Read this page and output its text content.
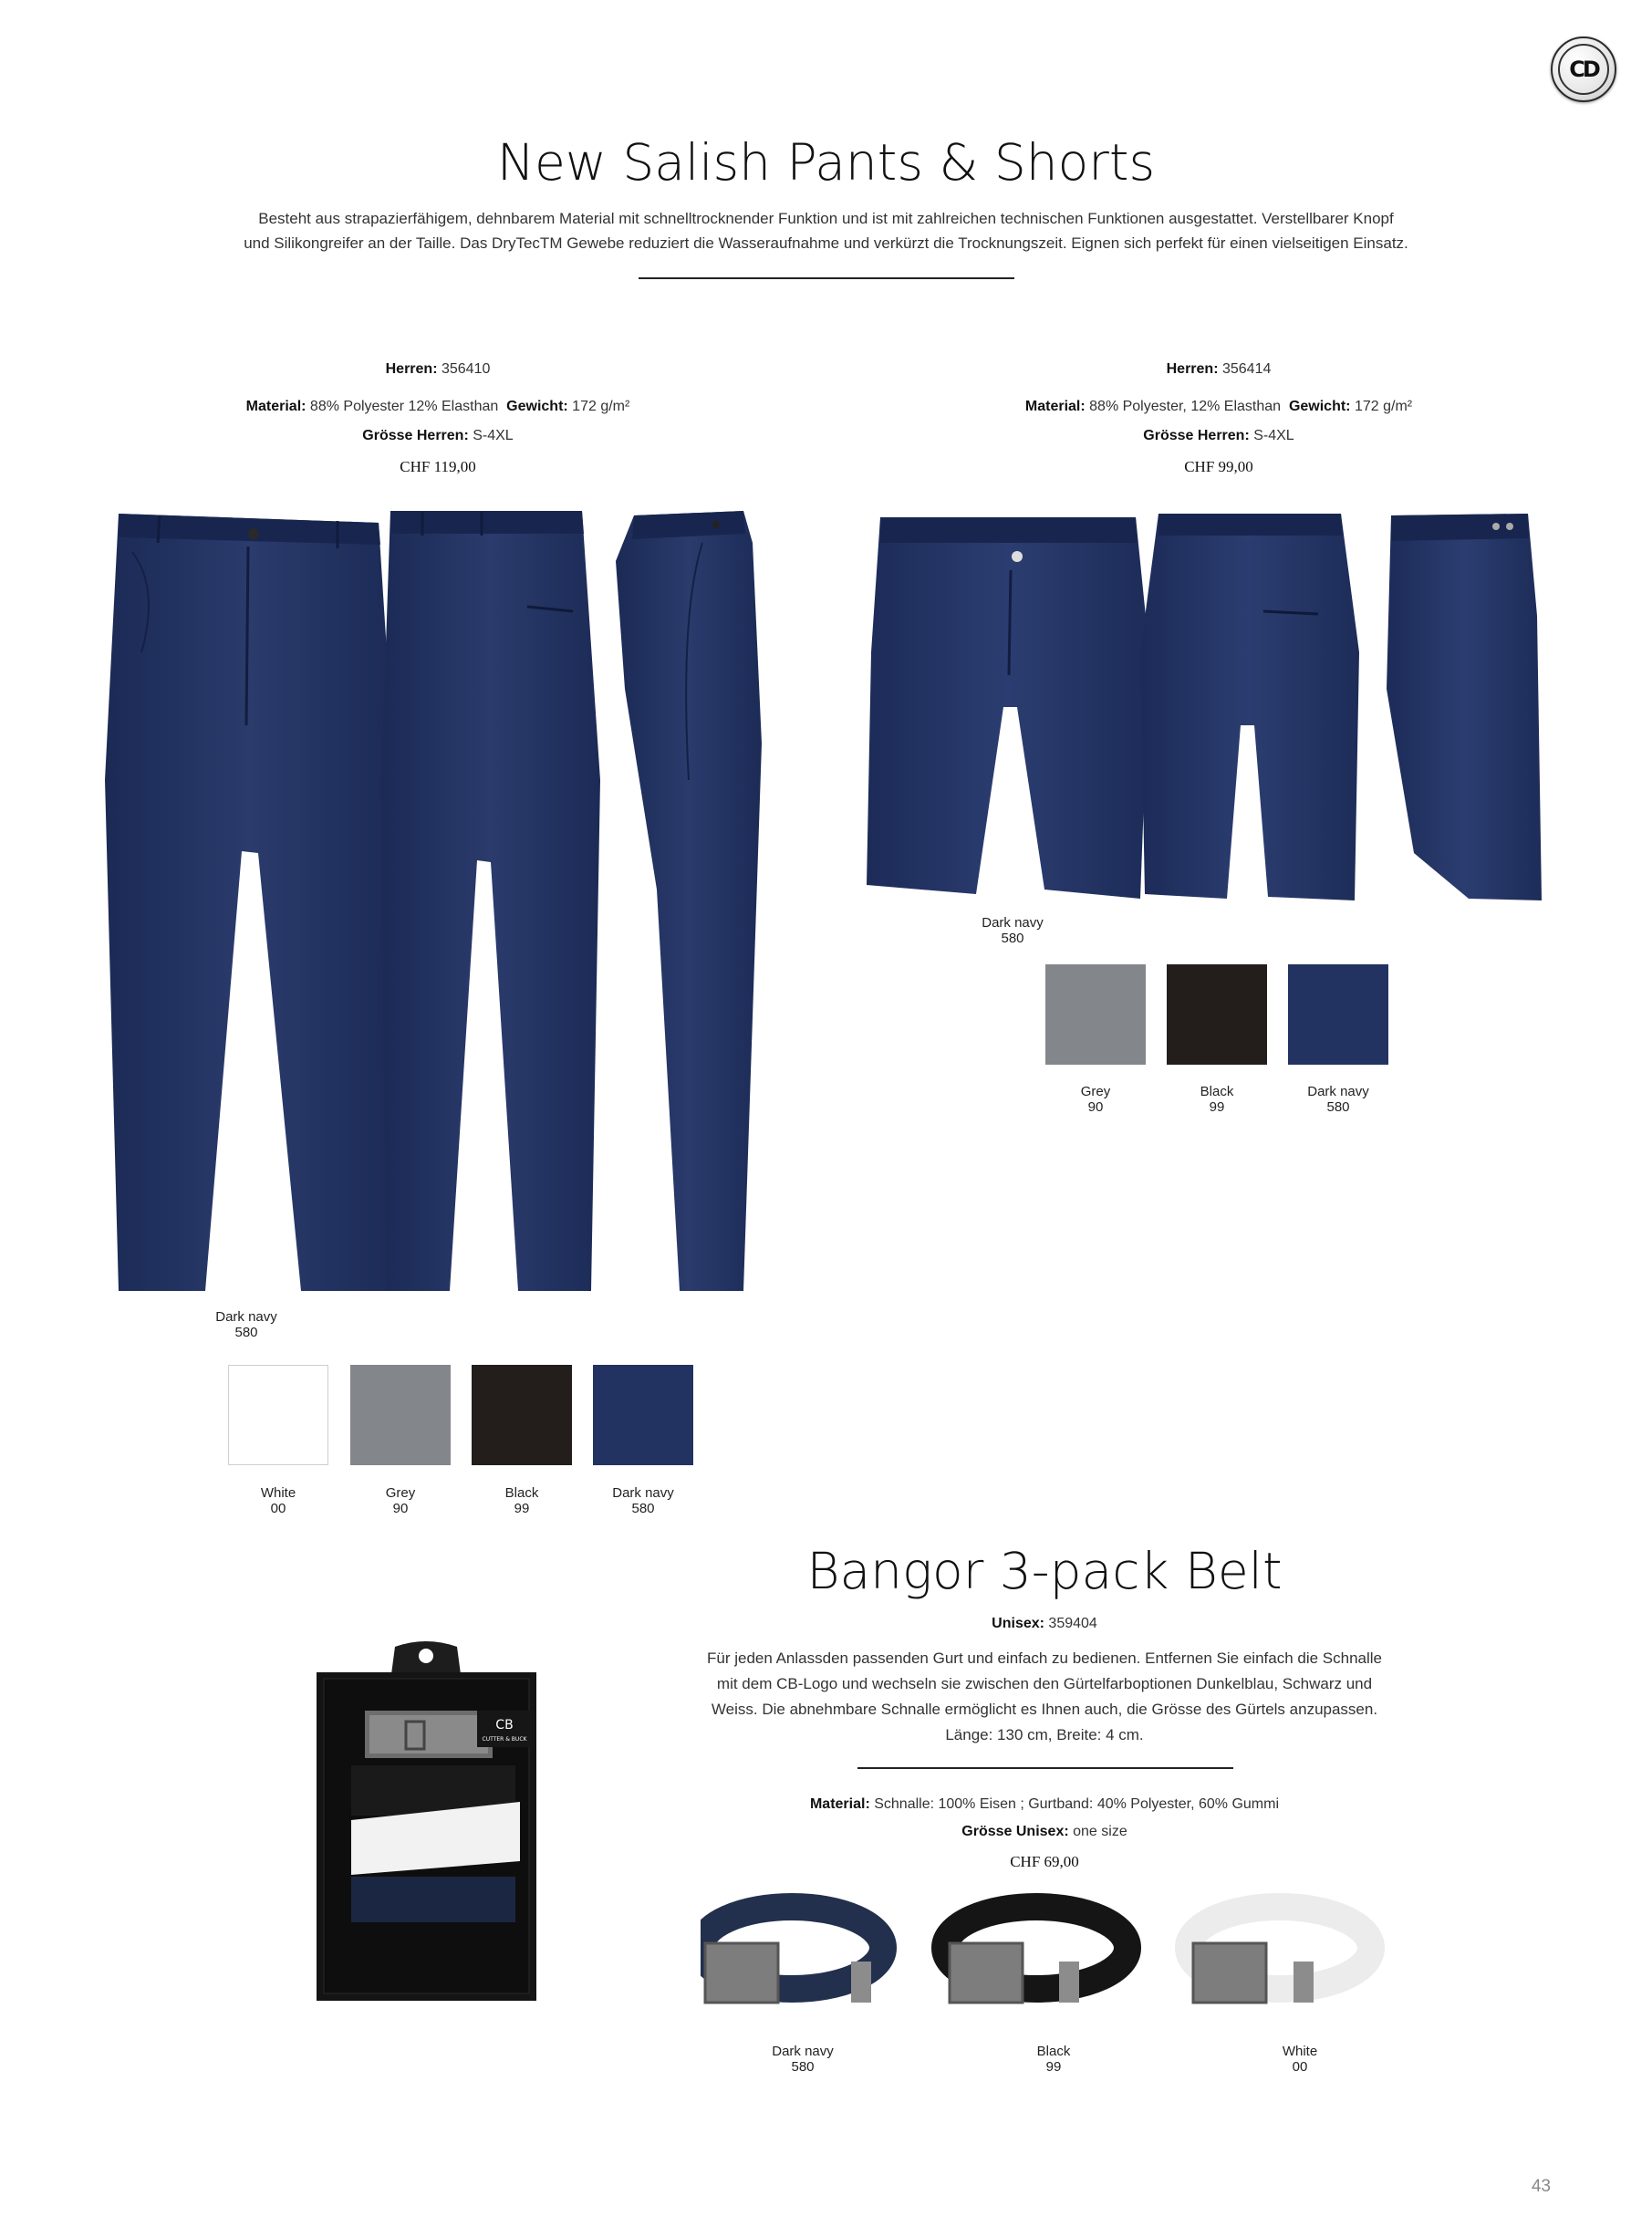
CD
New Salish Pants & Shorts
Besteht aus strapazierfähigem, dehnbarem Material mit schnelltrocknender Funktion und ist mit zahlreichen technischen Funktionen ausgestattet. Verstellbarer Knopf
und Silikongreifer an der Taille. Das DryTecTM Gewebe reduziert die Wasseraufnahme und verkürzt die Trocknungszeit. Eignen sich perfekt für einen vielseitigen Einsatz.
Herren: 356410
Material: 88% Polyester 12% Elasthan Gewicht: 172 g/m²
Grösse Herren: S-4XL
CHF 119,00
Herren: 356414
Material: 88% Polyester, 12% Elasthan Gewicht: 172 g/m²
Grösse Herren: S-4XL
CHF 99,00
Dark navy
580
White
00
Grey
90
Black
99
Dark navy
580
Dark navy
580
Grey
90
Black
99
Dark navy
580
Bangor 3-pack Belt
Unisex: 359404
Für jeden Anlassden passenden Gurt und einfach zu bedienen. Entfernen Sie einfach die Schnalle
mit dem CB-Logo und wechseln sie zwischen den Gürtelfarboptionen Dunkelblau, Schwarz und
Weiss. Die abnehmbare Schnalle ermöglicht es Ihnen auch, die Grösse des Gürtels anzupassen.
Länge: 130 cm, Breite: 4 cm.
Material: Schnalle: 100% Eisen ; Gurtband: 40% Polyester, 60% Gummi
Grösse Unisex: one size
CHF 69,00
CB
CUTTER & BUCK
Dark navy
580
Black
99
White
00
43
